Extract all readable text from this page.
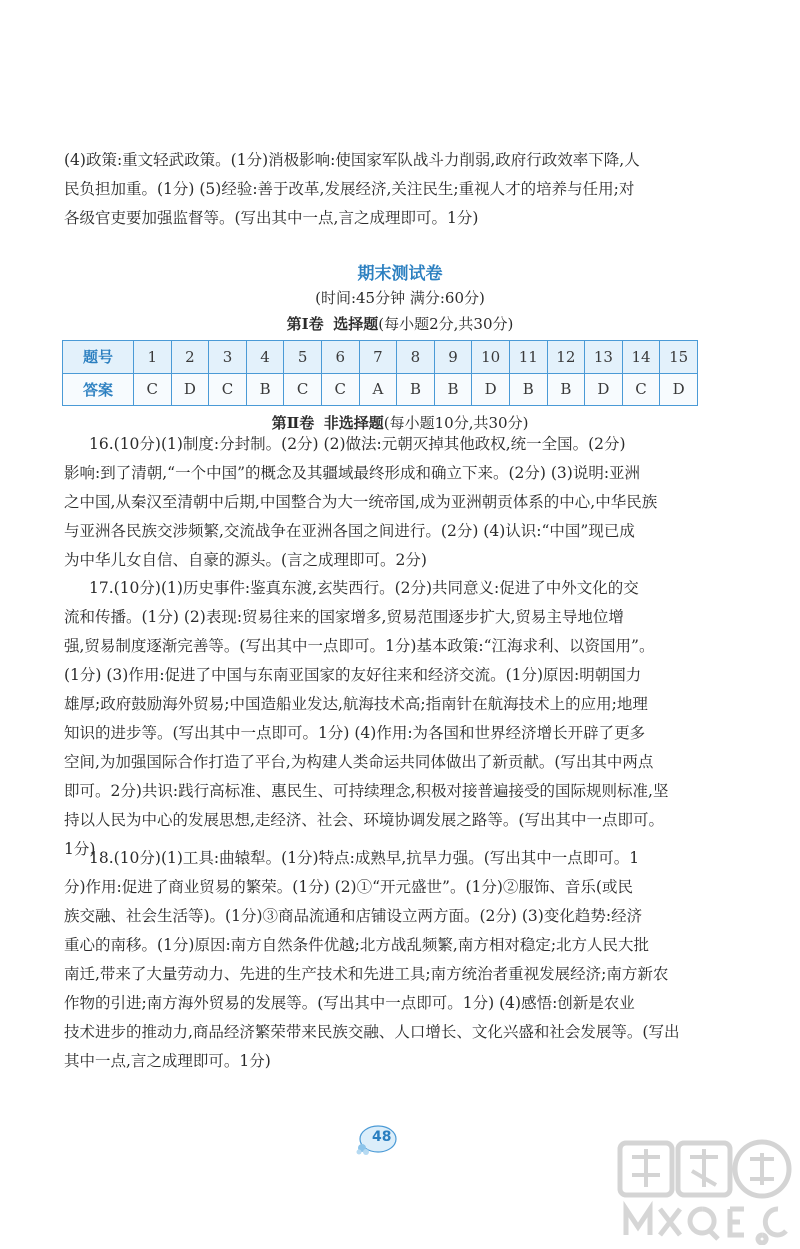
(4)政策:重文轻武政策。(1分)消极影响:使国家军队战斗力削弱,政府行政效率下降,人
民负担加重。(1分) (5)经验:善于改革,发展经济,关注民生;重视人才的培养与任用;对
各级官吏要加强监督等。(写出其中一点,言之成理即可。1分)

期末测试卷

(时间:45分钟 满分:60分)

第Ⅰ卷 选择题(每小题2分,共30分)

题号	1	2	3	4	5	6	7	8	9	10	11	12	13	14	15
答案	C	D	C	B	C	C	A	B	B	D	B	B	D	C	D

第Ⅱ卷 非选择题(每小题10分,共30分)

16.(10分)(1)制度:分封制。(2分) (2)做法:元朝灭掉其他政权,统一全国。(2分)
影响:到了清朝,“一个中国”的概念及其疆域最终形成和确立下来。(2分) (3)说明:亚洲
之中国,从秦汉至清朝中后期,中国整合为大一统帝国,成为亚洲朝贡体系的中心,中华民族
与亚洲各民族交涉频繁,交流战争在亚洲各国之间进行。(2分) (4)认识:“中国”现已成
为中华儿女自信、自豪的源头。(言之成理即可。2分)
17.(10分)(1)历史事件:鉴真东渡,玄奘西行。(2分)共同意义:促进了中外文化的交
流和传播。(1分) (2)表现:贸易往来的国家增多,贸易范围逐步扩大,贸易主导地位增
强,贸易制度逐渐完善等。(写出其中一点即可。1分)基本政策:“江海求利、以资国用”。
(1分) (3)作用:促进了中国与东南亚国家的友好往来和经济交流。(1分)原因:明朝国力
雄厚;政府鼓励海外贸易;中国造船业发达,航海技术高;指南针在航海技术上的应用;地理
知识的进步等。(写出其中一点即可。1分) (4)作用:为各国和世界经济增长开辟了更多
空间,为加强国际合作打造了平台,为构建人类命运共同体做出了新贡献。(写出其中两点
即可。2分)共识:践行高标准、惠民生、可持续理念,积极对接普遍接受的国际规则标准,坚
持以人民为中心的发展思想,走经济、社会、环境协调发展之路等。(写出其中一点即可。
1分)
18.(10分)(1)工具:曲辕犁。(1分)特点:成熟早,抗旱力强。(写出其中一点即可。1
分)作用:促进了商业贸易的繁荣。(1分) (2)①“开元盛世”。(1分)②服饰、音乐(或民
族交融、社会生活等)。(1分)③商品流通和店铺设立两方面。(2分) (3)变化趋势:经济
重心的南移。(1分)原因:南方自然条件优越;北方战乱频繁,南方相对稳定;北方人民大批
南迁,带来了大量劳动力、先进的生产技术和先进工具;南方统治者重视发展经济;南方新农
作物的引进;南方海外贸易的发展等。(写出其中一点即可。1分) (4)感悟:创新是农业
技术进步的推动力,商品经济繁荣带来民族交融、人口增长、文化兴盛和社会发展等。(写出
其中一点,言之成理即可。1分)
48
